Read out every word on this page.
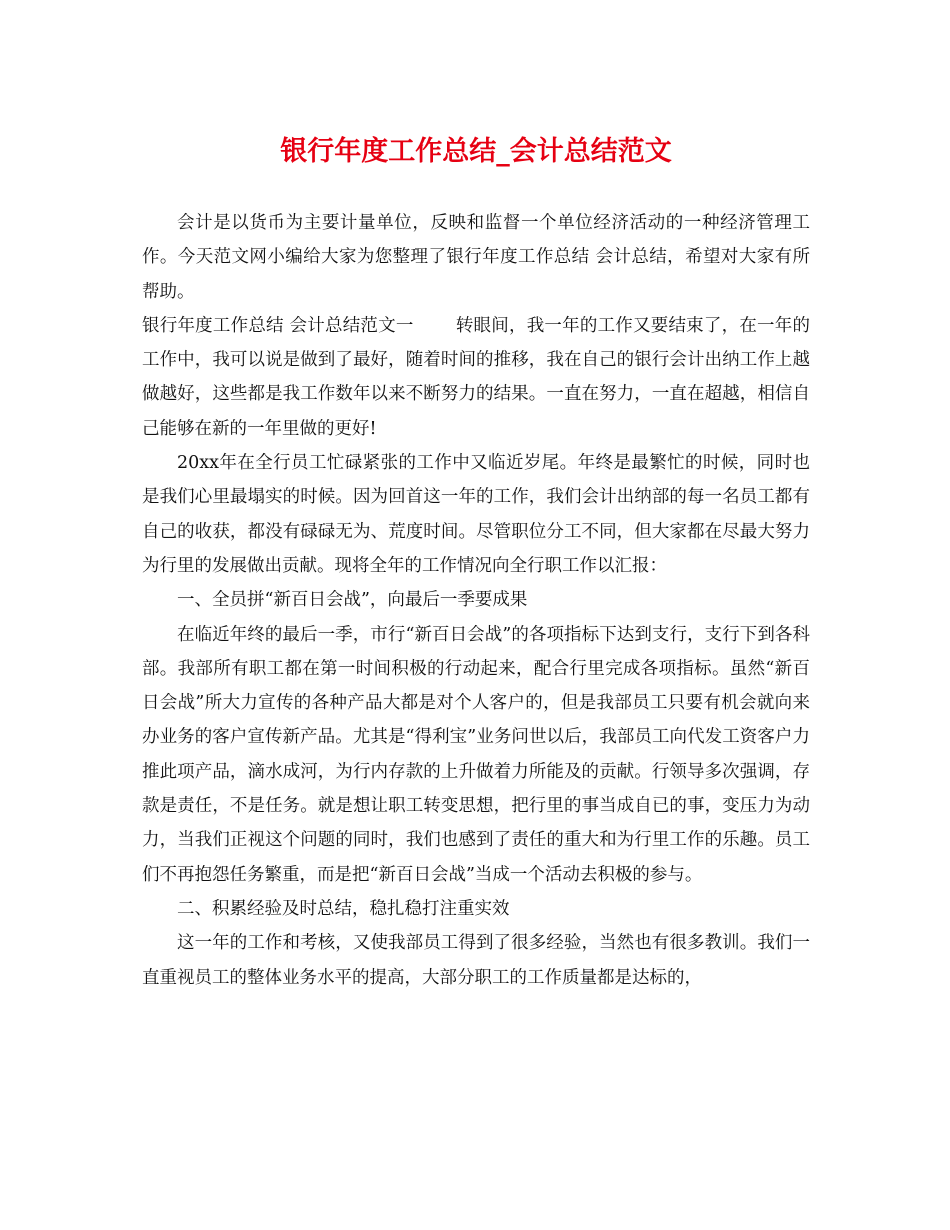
银行年度工作总结_会计总结范文

会计是以货币为主要计量单位，反映和监督一个单位经济活动的一种经济管理工作。今天范文网小编给大家为您整理了银行年度工作总结 会计总结，希望对大家有所帮助。

银行年度工作总结 会计总结范文一 转眼间，我一年的工作又要结束了，在一年的工作中，我可以说是做到了最好，随着时间的推移，我在自己的银行会计出纳工作上越做越好，这些都是我工作数年以来不断努力的结果。一直在努力，一直在超越，相信自己能够在新的一年里做的更好!

20xx年在全行员工忙碌紧张的工作中又临近岁尾。年终是最繁忙的时候，同时也是我们心里最塌实的时候。因为回首这一年的工作，我们会计出纳部的每一名员工都有自己的收获，都没有碌碌无为、荒度时间。尽管职位分工不同，但大家都在尽最大努力为行里的发展做出贡献。现将全年的工作情况向全行职工作以汇报：

一、全员拼“新百日会战”，向最后一季要成果

在临近年终的最后一季，市行“新百日会战”的各项指标下达到支行，支行下到各科部。我部所有职工都在第一时间积极的行动起来，配合行里完成各项指标。虽然“新百日会战”所大力宣传的各种产品大都是对个人客户的，但是我部员工只要有机会就向来办业务的客户宣传新产品。尤其是“得利宝”业务问世以后，我部员工向代发工资客户力推此项产品，滴水成河，为行内存款的上升做着力所能及的贡献。行领导多次强调，存款是责任，不是任务。就是想让职工转变思想，把行里的事当成自已的事，变压力为动力，当我们正视这个问题的同时，我们也感到了责任的重大和为行里工作的乐趣。员工们不再抱怨任务繁重，而是把“新百日会战”当成一个活动去积极的参与。

二、积累经验及时总结，稳扎稳打注重实效

这一年的工作和考核，又使我部员工得到了很多经验，当然也有很多教训。我们一直重视员工的整体业务水平的提高，大部分职工的工作质量都是达标的，
